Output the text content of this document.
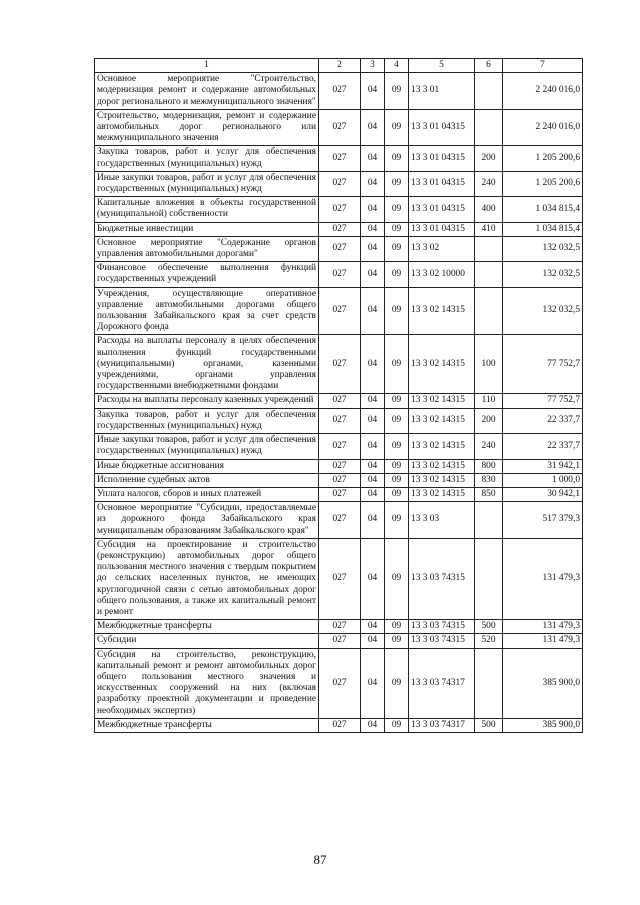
1	2	3	4	5	6	7
Основное мероприятие "Строительство, модернизация ремонт и содержание автомобильных дорог регионального и межмуниципального значения"	027	04	09	13 3 01		2 240 016,0
Строительство, модернизация, ремонт и содержание автомобильных дорог регионального или межмуниципального значения	027	04	09	13 3 01 04315		2 240 016,0
Закупка товаров, работ и услуг для обеспечения государственных (муниципальных) нужд	027	04	09	13 3 01 04315	200	1 205 200,6
Иные закупки товаров, работ и услуг для обеспечения государственных (муниципальных) нужд	027	04	09	13 3 01 04315	240	1 205 200,6
Капитальные вложения в объекты государственной (муниципальной) собственности	027	04	09	13 3 01 04315	400	1 034 815,4
Бюджетные инвестиции	027	04	09	13 3 01 04315	410	1 034 815,4
Основное мероприятие "Содержание органов управления автомобильными дорогами"	027	04	09	13 3 02		132 032,5
Финансовое обеспечение выполнения функций государственных учреждений	027	04	09	13 3 02 10000		132 032,5
Учреждения, осуществляющие оперативное управление автомобильными дорогами общего пользования Забайкальского края за счет средств Дорожного фонда	027	04	09	13 3 02 14315		132 032,5
Расходы на выплаты персоналу в целях обеспечения выполнения функций государственными (муниципальными) органами, казенными учреждениями, органами управления государственными внебюджетными фондами	027	04	09	13 3 02 14315	100	77 752,7
Расходы на выплаты персоналу казенных учреждений	027	04	09	13 3 02 14315	110	77 752,7
Закупка товаров, работ и услуг для обеспечения государственных (муниципальных) нужд	027	04	09	13 3 02 14315	200	22 337,7
Иные закупки товаров, работ и услуг для обеспечения государственных (муниципальных) нужд	027	04	09	13 3 02 14315	240	22 337,7
Иные бюджетные ассигнования	027	04	09	13 3 02 14315	800	31 942,1
Исполнение судебных актов	027	04	09	13 3 02 14315	830	1 000,0
Уплата налогов, сборов и иных платежей	027	04	09	13 3 02 14315	850	30 942,1
Основное мероприятие "Субсидии, предоставляемые из дорожного фонда Забайкальского края муниципальным образованиям Забайкальского края"	027	04	09	13 3 03		517 379,3
Субсидия на проектирование и строительство (реконструкцию) автомобильных дорог общего пользования местного значения с твердым покрытием до сельских населенных пунктов, не имеющих круглогодичной связи с сетью автомобильных дорог общего пользования, а также их капитальный ремонт и ремонт	027	04	09	13 3 03 74315		131 479,3
Межбюджетные трансферты	027	04	09	13 3 03 74315	500	131 479,3
Субсидии	027	04	09	13 3 03 74315	520	131 479,3
Субсидия на строительство, реконструкцию, капитальный ремонт и ремонт автомобильных дорог общего пользования местного значения и искусственных сооружений на них (включая разработку проектной документации и проведение необходимых экспертиз)	027	04	09	13 3 03 74317		385 900,0
Межбюджетные трансферты	027	04	09	13 3 03 74317	500	385 900,0
87
